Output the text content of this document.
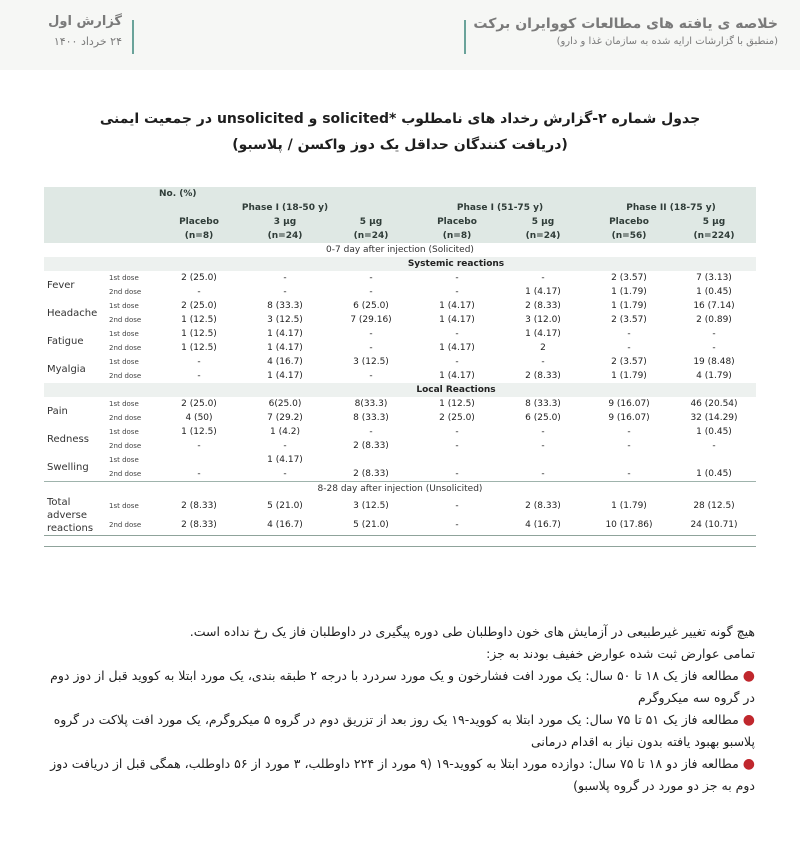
خلاصه ی یافته های مطالعات کووایران برکت
(منطبق با گزارشات ارایه شده به سازمان غذا و دارو)
گزارش اول
۲۴ خرداد ۱۴۰۰
جدول شماره ۲-گزارش رخداد های نامطلوب *solicited و unsolicited در جمعیت ایمنی
(دریافت کنندگان حداقل یک دوز واکسن / پلاسبو)
		No. (%)						
		Phase I (18-50 y)			Phase I (51-75 y)		Phase II (18-75 y)	
		Placebo	3 µg	5 µg	Placebo	5 µg	Placebo	5 µg
		(n=8)	(n=24)	(n=24)	(n=8)	(n=24)	(n=56)	(n=224)
0-7 day after injection (Solicited)								
		Systemic reactions						
Fever	1st dose	2 (25.0)	-	-	-	-	2 (3.57)	7 (3.13)
	2nd dose	-	-	-	-	1 (4.17)	1 (1.79)	1 (0.45)
Headache	1st dose	2 (25.0)	8 (33.3)	6 (25.0)	1 (4.17)	2 (8.33)	1 (1.79)	16 (7.14)
	2nd dose	1 (12.5)	3 (12.5)	7 (29.16)	1 (4.17)	3 (12.0)	2 (3.57)	2 (0.89)
Fatigue	1st dose	1 (12.5)	1 (4.17)	-	-	1 (4.17)	-	-
	2nd dose	1 (12.5)	1 (4.17)	-	1 (4.17)	2	-	-
Myalgia	1st dose	-	4 (16.7)	3 (12.5)	-	-	2 (3.57)	19 (8.48)
	2nd dose	-	1 (4.17)	-	1 (4.17)	2 (8.33)	1 (1.79)	4 (1.79)
		Local Reactions						
Pain	1st dose	2 (25.0)	6(25.0)	8(33.3)	1 (12.5)	8 (33.3)	9 (16.07)	46 (20.54)
	2nd dose	4 (50)	7 (29.2)	8 (33.3)	2 (25.0)	6 (25.0)	9 (16.07)	32 (14.29)
Redness	1st dose	1 (12.5)	1 (4.2)	-	-	-	-	1 (0.45)
	2nd dose	-	-	2 (8.33)	-	-	-	-
Swelling	1st dose		1 (4.17)					
	2nd dose	-	-	2 (8.33)	-	-	-	1 (0.45)
8-28 day after injection (Unsolicited)								
Total adverse reactions	1st dose	2 (8.33)	5 (21.0)	3 (12.5)	-	2 (8.33)	1 (1.79)	28 (12.5)
	2nd dose	2 (8.33)	4 (16.7)	5 (21.0)	-	4 (16.7)	10 (17.86)	24 (10.71)

هیچ گونه تغییر غیرطبیعی در آزمایش های خون داوطلبان طی دوره پیگیری در داوطلبان فاز یک رخ نداده است.

تمامی عوارض ثبت شده عوارض خفیف بودند به جز:

● مطالعه فاز یک ۱۸ تا ۵۰ سال: یک مورد افت فشارخون و یک مورد سردرد با درجه ۲ طبقه بندی، یک مورد ابتلا به کووید قبل از دوز دوم در گروه سه میکروگرم

● مطالعه فاز یک ۵۱ تا ۷۵ سال: یک مورد ابتلا به کووید-۱۹ یک روز بعد از تزریق دوم در گروه ۵ میکروگرم، یک مورد افت پلاکت در گروه پلاسبو بهبود یافته بدون نیاز به اقدام درمانی

● مطالعه فاز دو ۱۸ تا ۷۵ سال: دوازده مورد ابتلا به کووید-۱۹ (۹ مورد از ۲۲۴ داوطلب، ۳ مورد از ۵۶ داوطلب، همگی قبل از دریافت دوز دوم به جز دو مورد در گروه پلاسبو)
